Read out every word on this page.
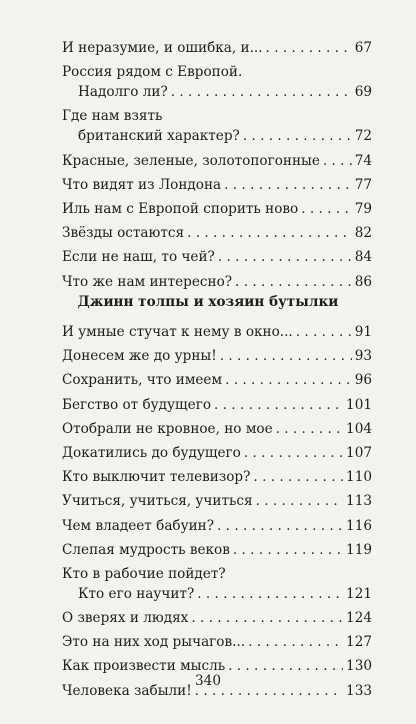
И неразумие, и ошибка, и... . . .	67
Россия рядом с Европой.
Надолго ли? . . .	69
Где нам взять
британский характер? . . .	72
Красные, зеленые, золотопогонные . . .	74
Что видят из Лондона . . .	77
Иль нам с Европой спорить ново . . .	79
Звёзды остаются . . .	82
Если не наш, то чей? . . .	84
Что же нам интересно? . . .	86
Джинн толпы и хозяин бутылки
И умные стучат к нему в окно... . . .	91
Донесем же до урны! . . .	93
Сохранить, что имеем . . .	96
Бегство от будущего . . .	101
Отобрали не кровное, но мое . . .	104
Докатились до будущего . . .	107
Кто выключит телевизор? . . .	110
Учиться, учиться, учиться . . .	113
Чем владеет бабуин? . . .	116
Слепая мудрость веков . . .	119
Кто в рабочие пойдет?
Кто его научит? . . .	121
О зверях и людях . . .	124
Это на них ход рычагов... . . .	127
Как произвести мысль . . .	130
Человека забыли! . . .	133
340
